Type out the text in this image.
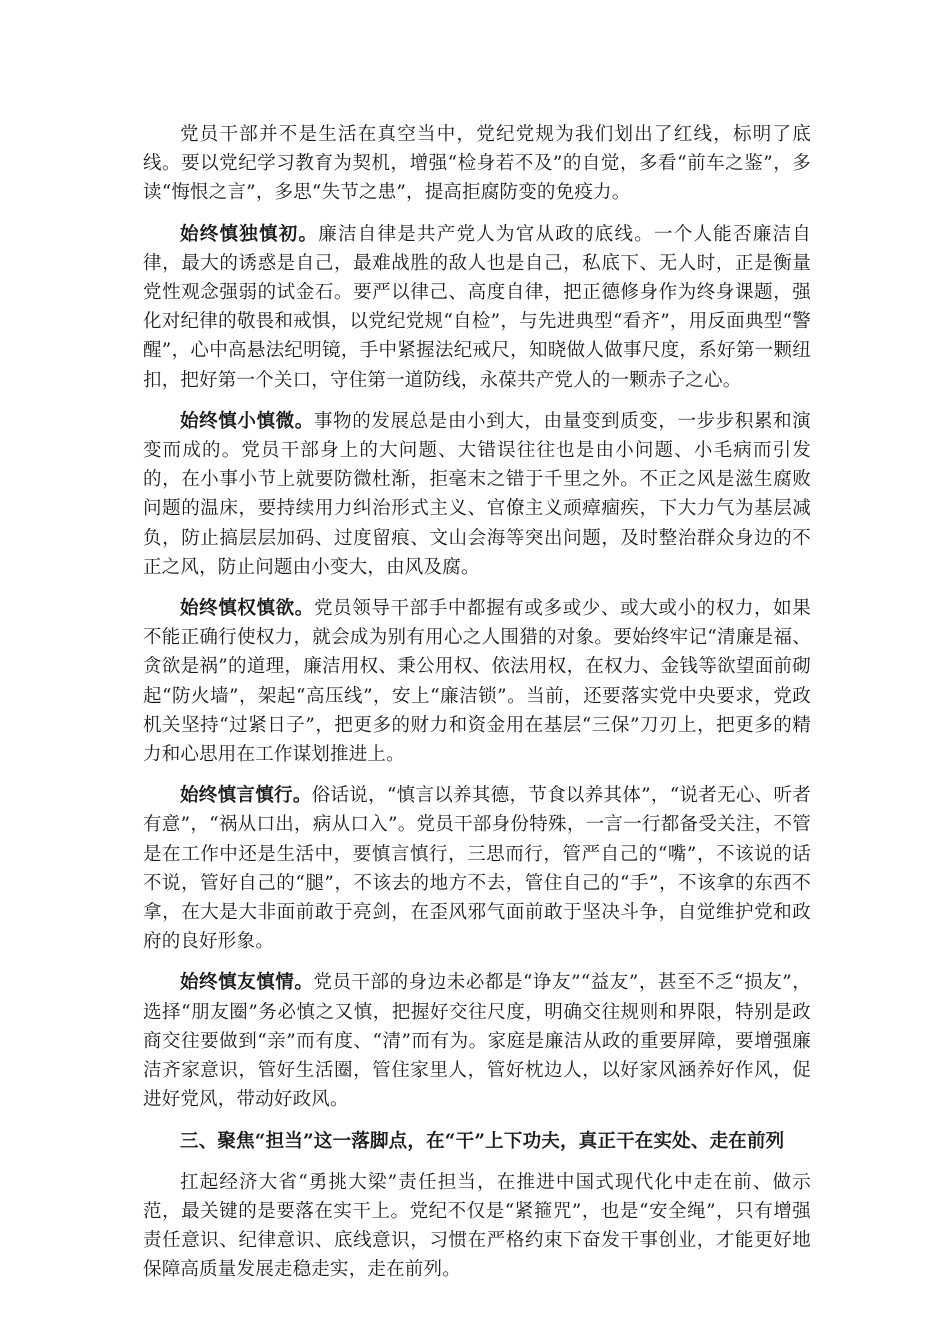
党员干部并不是生活在真空当中，党纪党规为我们划出了红线，标明了底线。要以党纪学习教育为契机，增强“检身若不及”的自觉，多看“前车之鉴”，多读“悔恨之言”，多思“失节之患”，提高拒腐防变的免疫力。

始终慎独慎初。廉洁自律是共产党人为官从政的底线。一个人能否廉洁自律，最大的诱惑是自己，最难战胜的敌人也是自己，私底下、无人时，正是衡量党性观念强弱的试金石。要严以律己、高度自律，把正德修身作为终身课题，强化对纪律的敬畏和戒惧，以党纪党规“自检”，与先进典型“看齐”，用反面典型“警醒”，心中高悬法纪明镜，手中紧握法纪戒尺，知晓做人做事尺度，系好第一颗纽扣，把好第一个关口，守住第一道防线，永葆共产党人的一颗赤子之心。

始终慎小慎微。事物的发展总是由小到大，由量变到质变，一步步积累和演变而成的。党员干部身上的大问题、大错误往往也是由小问题、小毛病而引发的，在小事小节上就要防微杜渐，拒毫末之错于千里之外。不正之风是滋生腐败问题的温床，要持续用力纠治形式主义、官僚主义顽瘴痼疾，下大力气为基层减负，防止搞层层加码、过度留痕、文山会海等突出问题，及时整治群众身边的不正之风，防止问题由小变大，由风及腐。

始终慎权慎欲。党员领导干部手中都握有或多或少、或大或小的权力，如果不能正确行使权力，就会成为别有用心之人围猎的对象。要始终牢记“清廉是福、贪欲是祸”的道理，廉洁用权、秉公用权、依法用权，在权力、金钱等欲望面前砌起“防火墙”，架起“高压线”，安上“廉洁锁”。当前，还要落实党中央要求，党政机关坚持“过紧日子”，把更多的财力和资金用在基层“三保”刀刃上，把更多的精力和心思用在工作谋划推进上。

始终慎言慎行。俗话说，“慎言以养其德，节食以养其体”，“说者无心、听者有意”，“祸从口出，病从口入”。党员干部身份特殊，一言一行都备受关注，不管是在工作中还是生活中，要慎言慎行，三思而行，管严自己的“嘴”，不该说的话不说，管好自己的“腿”，不该去的地方不去，管住自己的“手”，不该拿的东西不拿，在大是大非面前敢于亮剑，在歪风邪气面前敢于坚决斗争，自觉维护党和政府的良好形象。

始终慎友慎情。党员干部的身边未必都是“诤友”“益友”，甚至不乏“损友”，选择“朋友圈”务必慎之又慎，把握好交往尺度，明确交往规则和界限，特别是政商交往要做到“亲”而有度、“清”而有为。家庭是廉洁从政的重要屏障，要增强廉洁齐家意识，管好生活圈，管住家里人，管好枕边人，以好家风涵养好作风，促进好党风，带动好政风。

三、聚焦“担当”这一落脚点，在“干”上下功夫，真正干在实处、走在前列

扛起经济大省“勇挑大梁”责任担当，在推进中国式现代化中走在前、做示范，最关键的是要落在实干上。党纪不仅是“紧箍咒”，也是“安全绳”，只有增强责任意识、纪律意识、底线意识，习惯在严格约束下奋发干事创业，才能更好地保障高质量发展走稳走实，走在前列。
